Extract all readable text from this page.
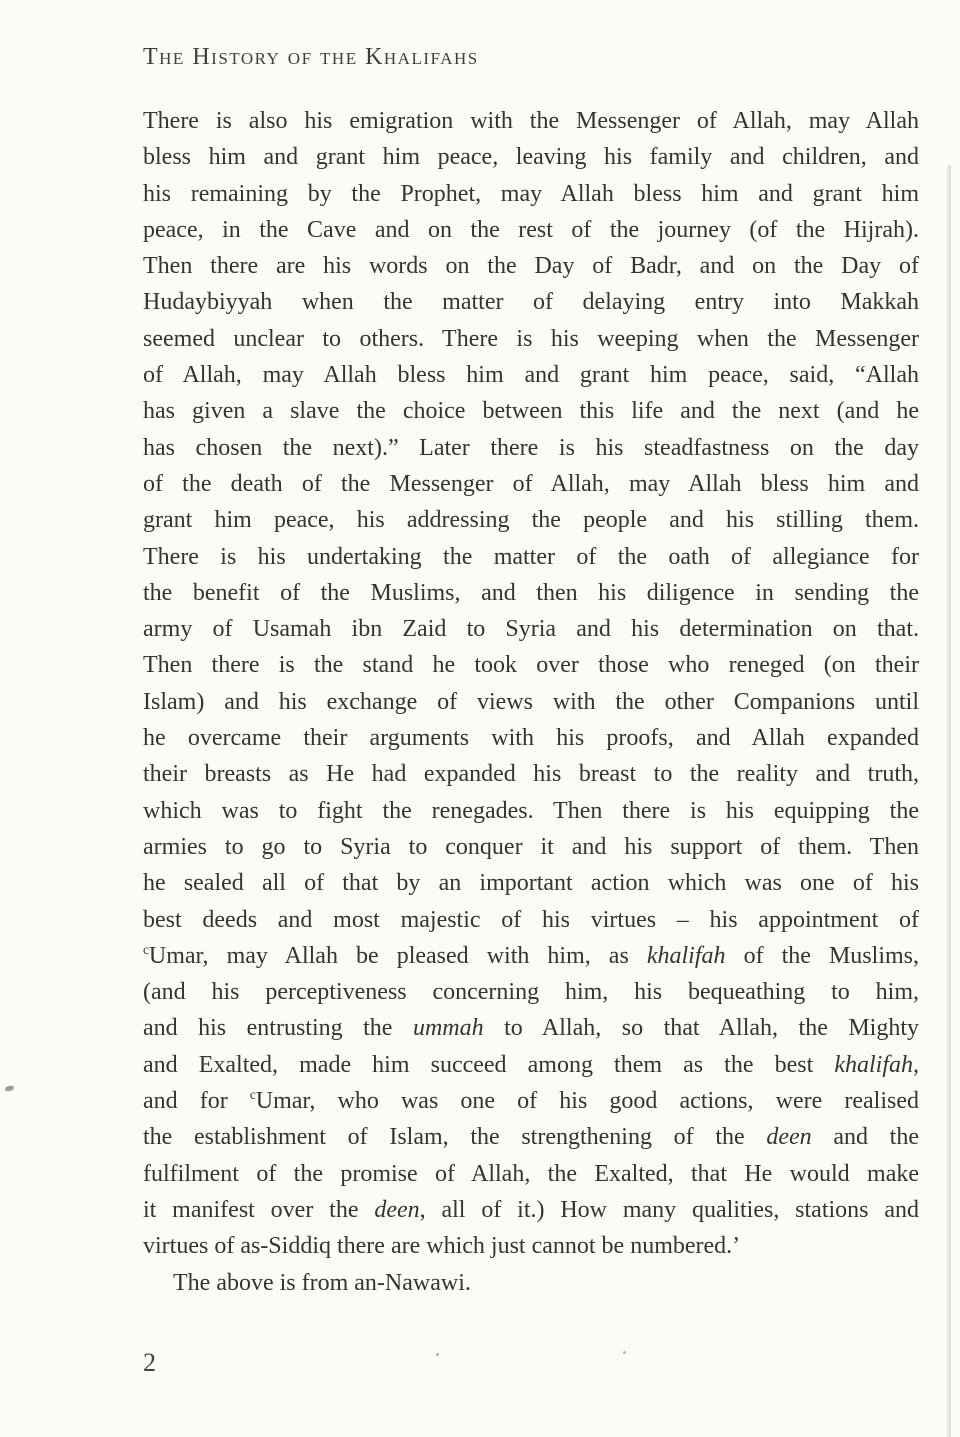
The History of the Khalifahs
There is also his emigration with the Messenger of Allah, may Allah
bless him and grant him peace, leaving his family and children, and
his remaining by the Prophet, may Allah bless him and grant him
peace, in the Cave and on the rest of the journey (of the Hijrah).
Then there are his words on the Day of Badr, and on the Day of
Hudaybiyyah when the matter of delaying entry into Makkah
seemed unclear to others. There is his weeping when the Messenger
of Allah, may Allah bless him and grant him peace, said, “Allah
has given a slave the choice between this life and the next (and he
has chosen the next).” Later there is his steadfastness on the day
of the death of the Messenger of Allah, may Allah bless him and
grant him peace, his addressing the people and his stilling them.
There is his undertaking the matter of the oath of allegiance for
the benefit of the Muslims, and then his diligence in sending the
army of Usamah ibn Zaid to Syria and his determination on that.
Then there is the stand he took over those who reneged (on their
Islam) and his exchange of views with the other Companions until
he overcame their arguments with his proofs, and Allah expanded
their breasts as He had expanded his breast to the reality and truth,
which was to fight the renegades. Then there is his equipping the
armies to go to Syria to conquer it and his support of them. Then
he sealed all of that by an important action which was one of his
best deeds and most majestic of his virtues – his appointment of
$^c$Umar, may Allah be pleased with him, as khalifah of the Muslims,
(and his perceptiveness concerning him, his bequeathing to him,
and his entrusting the ummah to Allah, so that Allah, the Mighty
and Exalted, made him succeed among them as the best khalifah,
and for $^c$Umar, who was one of his good actions, were realised
the establishment of Islam, the strengthening of the deen and the
fulfilment of the promise of Allah, the Exalted, that He would make
it manifest over the deen, all of it.) How many qualities, stations and
virtues of as-Siddiq there are which just cannot be numbered.’
The above is from an-Nawawi.
2
